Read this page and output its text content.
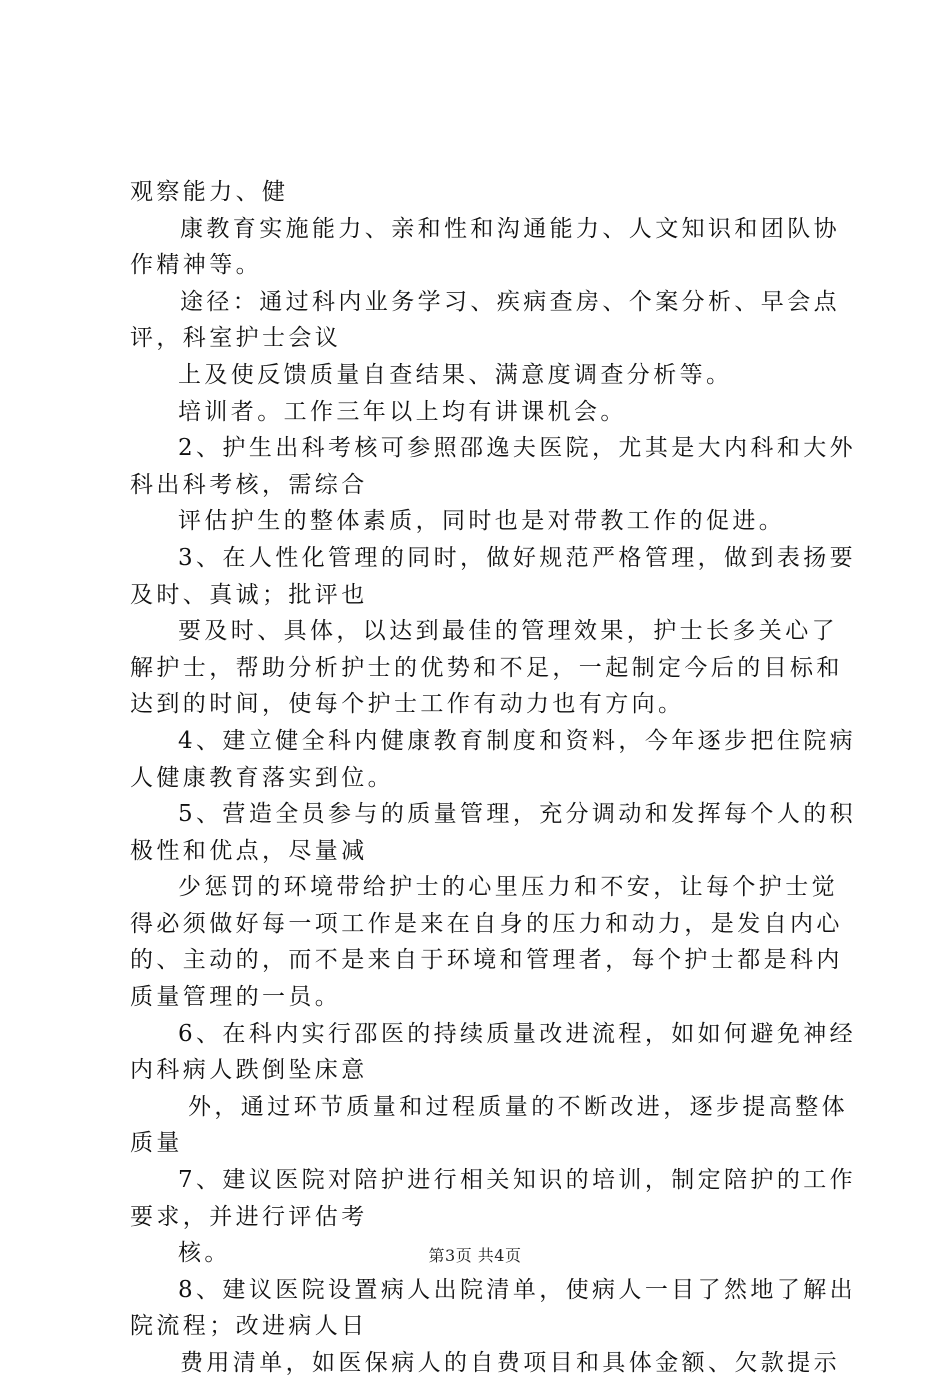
观察能力、健
康教育实施能力、亲和性和沟通能力、人文知识和团队协
作精神等。
途径：通过科内业务学习、疾病查房、个案分析、早会点
评，科室护士会议
上及使反馈质量自查结果、满意度调查分析等。
培训者。工作三年以上均有讲课机会。
2、护生出科考核可参照邵逸夫医院，尤其是大内科和大外
科出科考核，需综合
评估护生的整体素质，同时也是对带教工作的促进。
3、在人性化管理的同时，做好规范严格管理，做到表扬要
及时、真诚；批评也
要及时、具体，以达到最佳的管理效果，护士长多关心了
解护士，帮助分析护士的优势和不足，一起制定今后的目标和
达到的时间，使每个护士工作有动力也有方向。
4、建立健全科内健康教育制度和资料，今年逐步把住院病
人健康教育落实到位。
5、营造全员参与的质量管理，充分调动和发挥每个人的积
极性和优点，尽量减
少惩罚的环境带给护士的心里压力和不安，让每个护士觉
得必须做好每一项工作是来在自身的压力和动力，是发自内心
的、主动的，而不是来自于环境和管理者，每个护士都是科内
质量管理的一员。
6、在科内实行邵医的持续质量改进流程，如如何避免神经
内科病人跌倒坠床意
外，通过环节质量和过程质量的不断改进，逐步提高整体
质量
7、建议医院对陪护进行相关知识的培训，制定陪护的工作
要求，并进行评估考
核。
8、建议医院设置病人出院清单，使病人一目了然地了解出
院流程；改进病人日
费用清单，如医保病人的自费项目和具体金额、欠款提示
第3页 共4页
